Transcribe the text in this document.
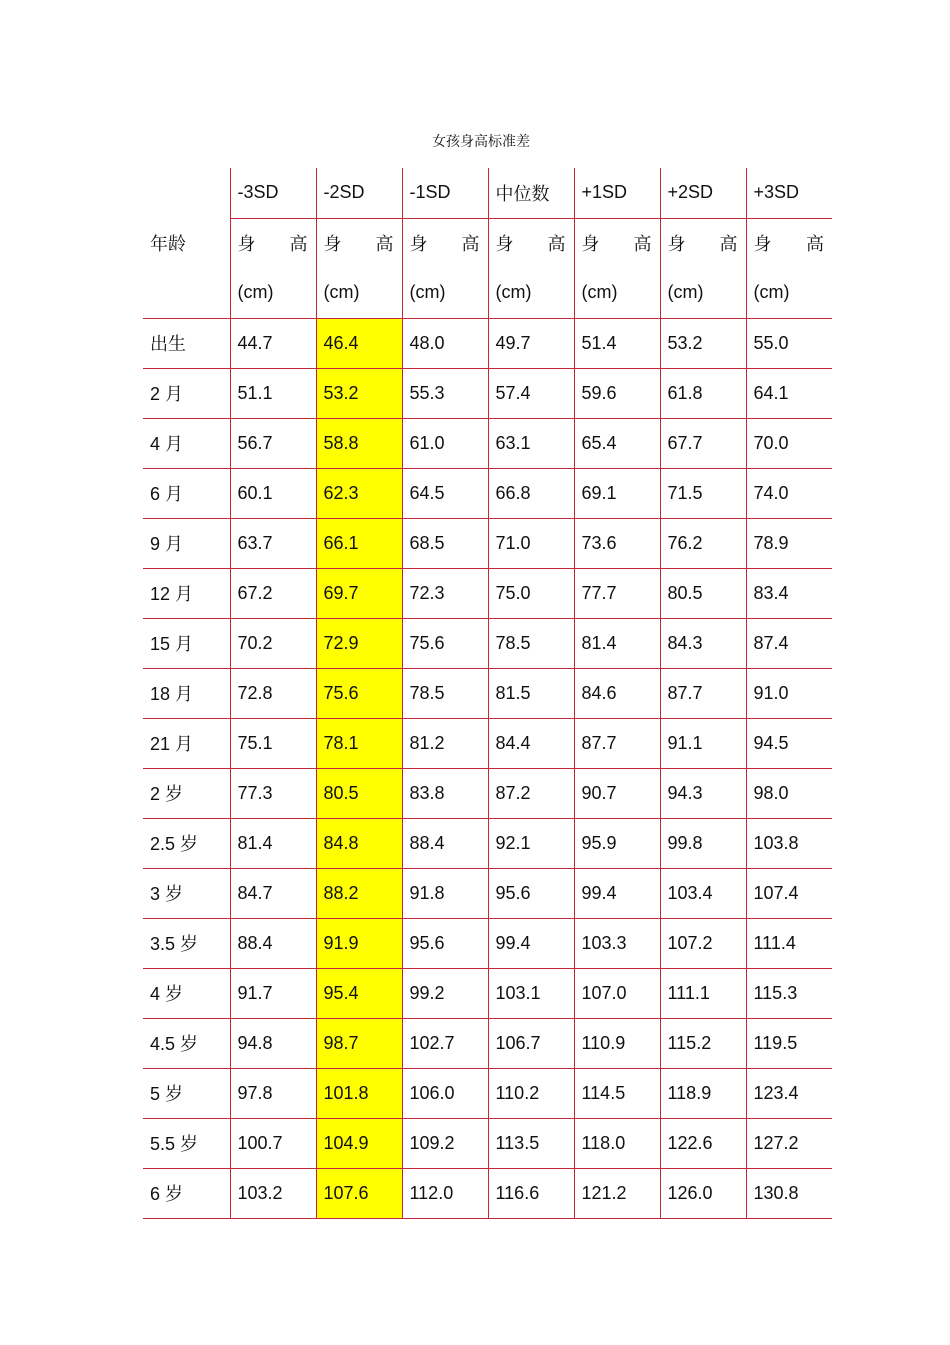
女孩身高标准差
	-3SD	-2SD	-1SD	中位数	+1SD	+2SD	+3SD
年龄	身 高	身 高	身 高	身 高	身 高	身 高	身 高

	(cm)	(cm)	(cm)	(cm)	(cm)	(cm)	(cm)
出生	44.7	46.4	48.0	49.7	51.4	53.2	55.0
2 月	51.1	53.2	55.3	57.4	59.6	61.8	64.1
4 月	56.7	58.8	61.0	63.1	65.4	67.7	70.0
6 月	60.1	62.3	64.5	66.8	69.1	71.5	74.0
9 月	63.7	66.1	68.5	71.0	73.6	76.2	78.9
12 月	67.2	69.7	72.3	75.0	77.7	80.5	83.4
15 月	70.2	72.9	75.6	78.5	81.4	84.3	87.4
18 月	72.8	75.6	78.5	81.5	84.6	87.7	91.0
21 月	75.1	78.1	81.2	84.4	87.7	91.1	94.5
2 岁	77.3	80.5	83.8	87.2	90.7	94.3	98.0
2.5 岁	81.4	84.8	88.4	92.1	95.9	99.8	103.8
3 岁	84.7	88.2	91.8	95.6	99.4	103.4	107.4
3.5 岁	88.4	91.9	95.6	99.4	103.3	107.2	111.4
4 岁	91.7	95.4	99.2	103.1	107.0	111.1	115.3
4.5 岁	94.8	98.7	102.7	106.7	110.9	115.2	119.5
5 岁	97.8	101.8	106.0	110.2	114.5	118.9	123.4
5.5 岁	100.7	104.9	109.2	113.5	118.0	122.6	127.2
6 岁	103.2	107.6	112.0	116.6	121.2	126.0	130.8
